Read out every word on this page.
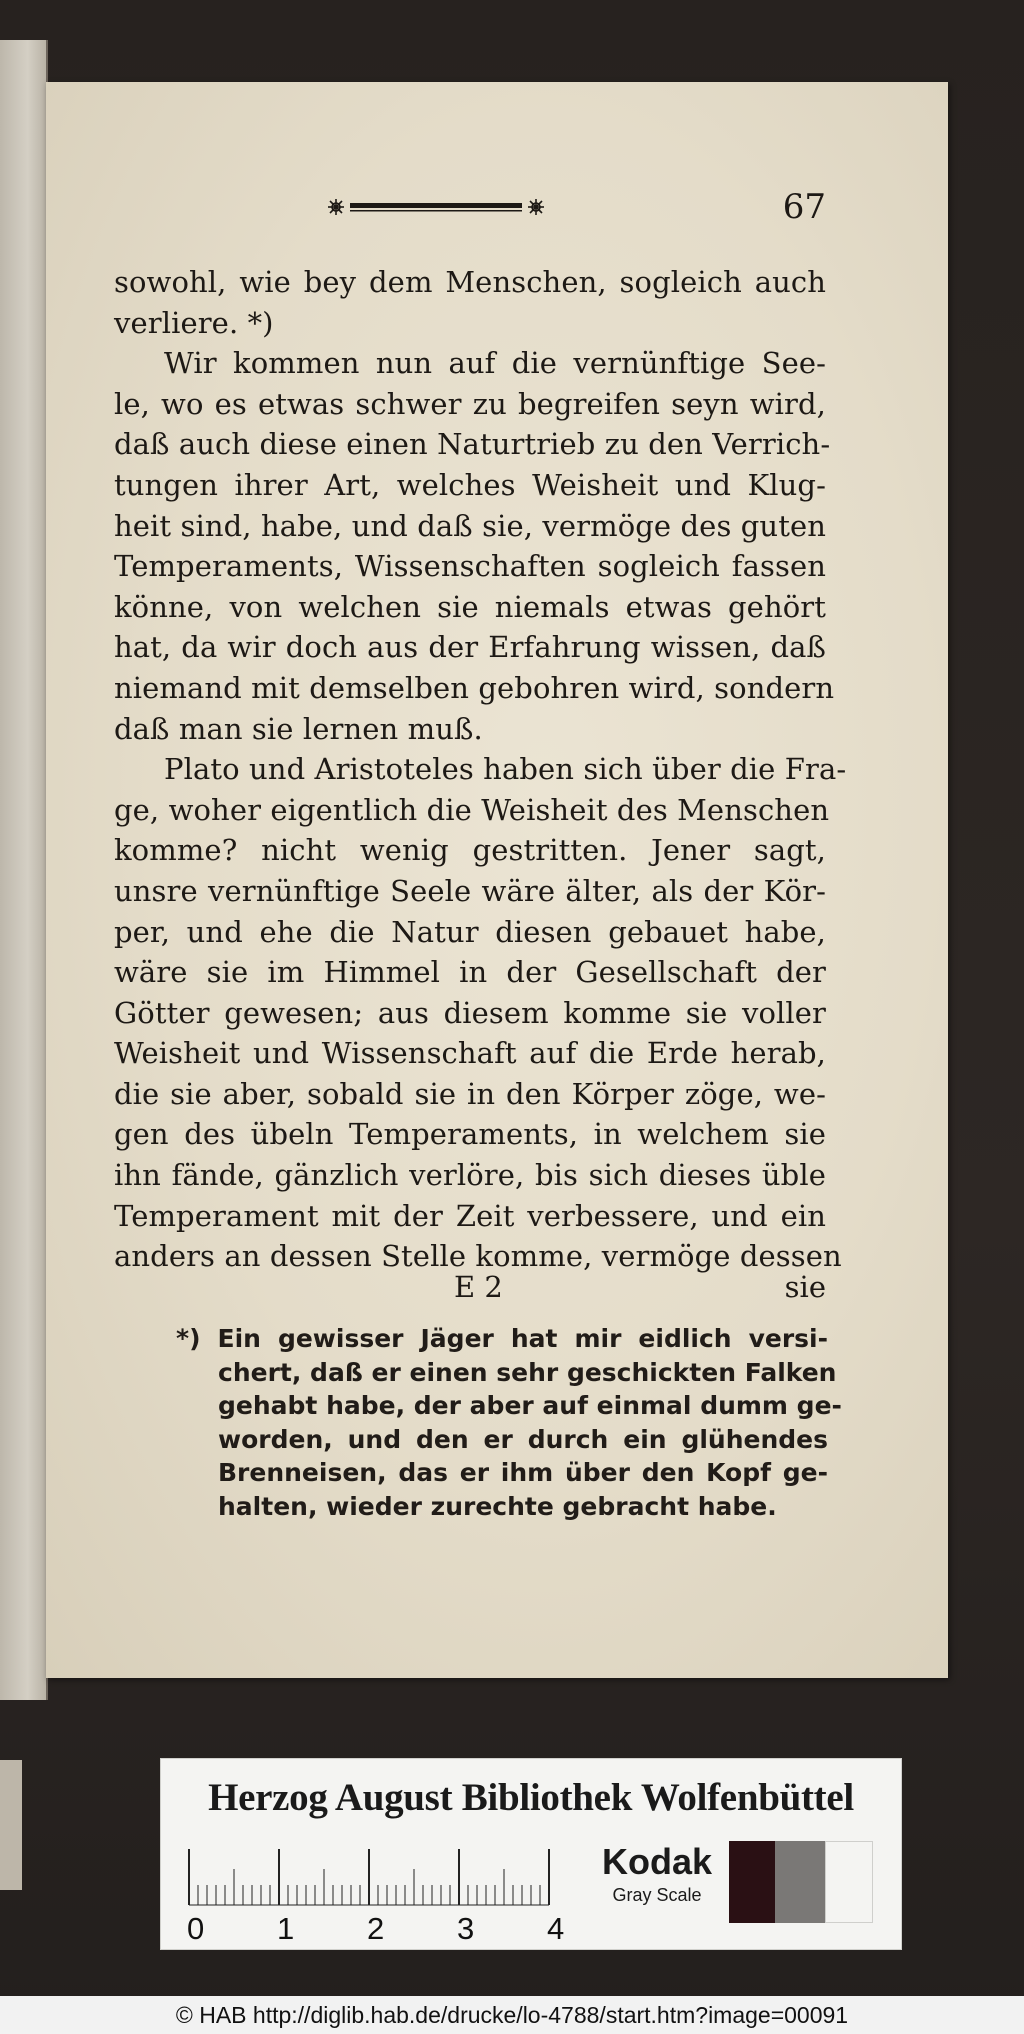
67
sowohl, wie bey dem Menschen, sogleich auch
verliere. *)
Wir kommen nun auf die vernünftige See-
le, wo es etwas schwer zu begreifen seyn wird,
daß auch diese einen Naturtrieb zu den Verrich-
tungen ihrer Art, welches Weisheit und Klug-
heit sind, habe, und daß sie, vermöge des guten
Temperaments, Wissenschaften sogleich fassen
könne, von welchen sie niemals etwas gehört
hat, da wir doch aus der Erfahrung wissen, daß
niemand mit demselben gebohren wird, sondern
daß man sie lernen muß.
Plato und Aristoteles haben sich über die Fra-
ge, woher eigentlich die Weisheit des Menschen
komme? nicht wenig gestritten. Jener sagt,
unsre vernünftige Seele wäre älter, als der Kör-
per, und ehe die Natur diesen gebauet habe,
wäre sie im Himmel in der Gesellschaft der
Götter gewesen; aus diesem komme sie voller
Weisheit und Wissenschaft auf die Erde herab,
die sie aber, sobald sie in den Körper zöge, we-
gen des übeln Temperaments, in welchem sie
ihn fände, gänzlich verlöre, bis sich dieses üble
Temperament mit der Zeit verbessere, und ein
anders an dessen Stelle komme, vermöge dessen
E 2	sie
*) Ein gewisser Jäger hat mir eidlich versi-
chert, daß er einen sehr geschickten Falken
gehabt habe, der aber auf einmal dumm ge-
worden, und den er durch ein glühendes
Brenneisen, das er ihm über den Kopf ge-
halten, wieder zurechte gebracht habe.
Herzog August Bibliothek Wolfenbüttel
0 1 2 3 4
Kodak
Gray Scale
© HAB http://diglib.hab.de/drucke/lo-4788/start.htm?image=00091
